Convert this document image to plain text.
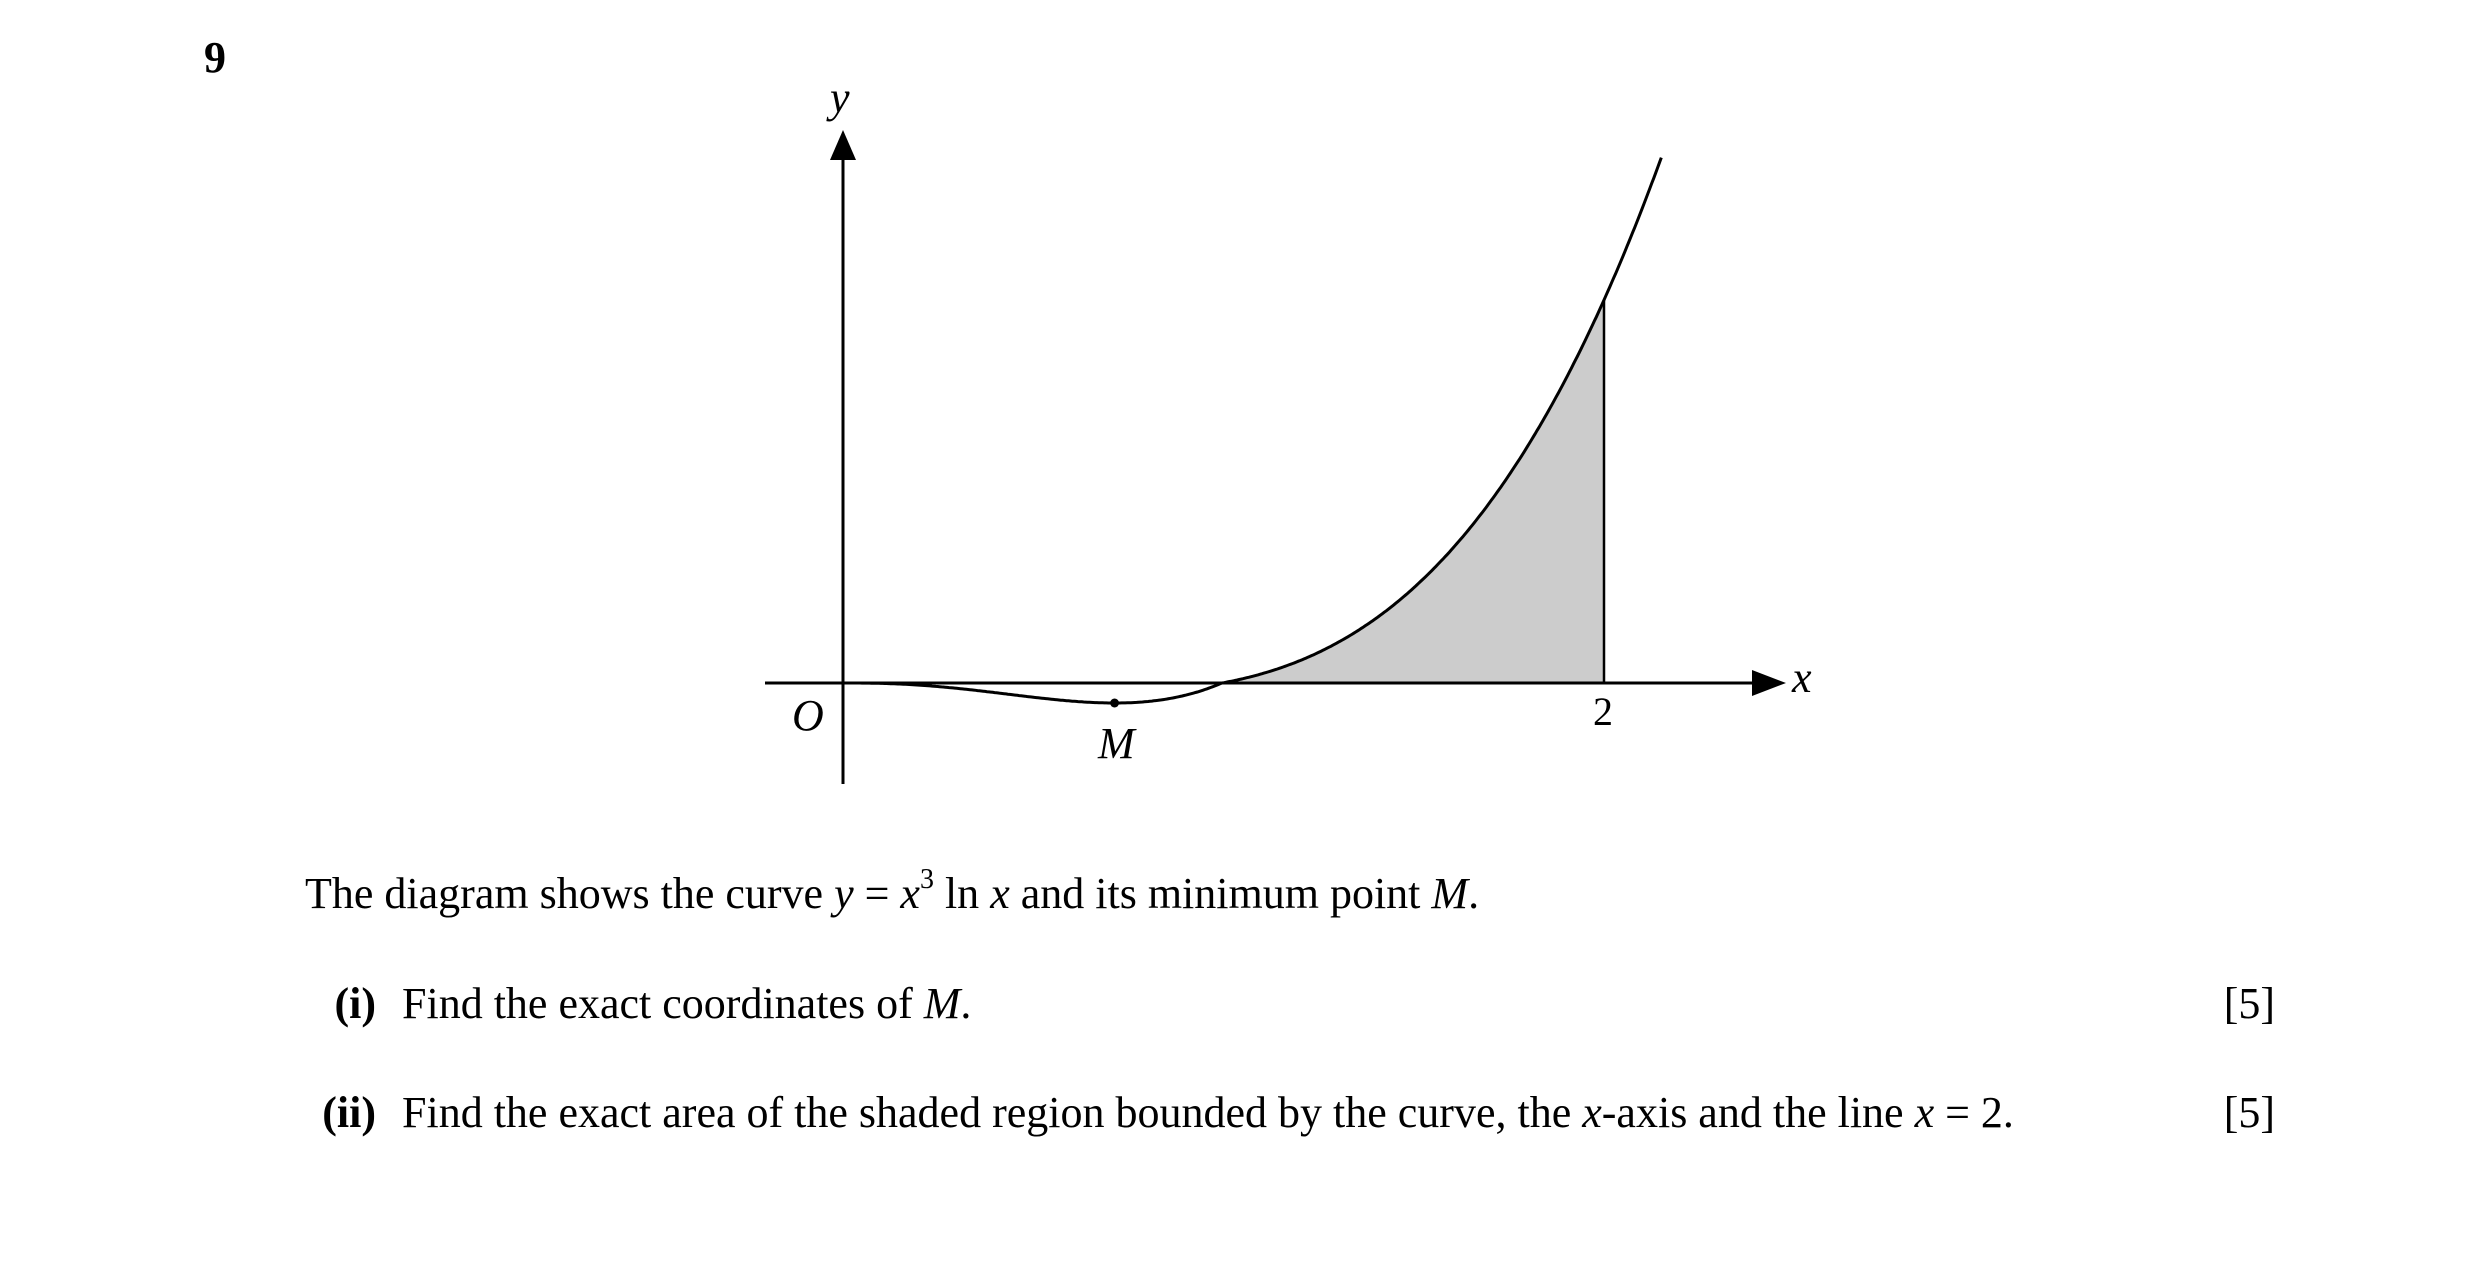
9
y
x
O
M
2
The diagram shows the curve $y = x^3$ ln x and its minimum point M.
(i) Find the exact coordinates of M.	[5]
(ii) Find the exact area of the shaded region bounded by the curve, the x-axis and the line x = 2.	[5]
